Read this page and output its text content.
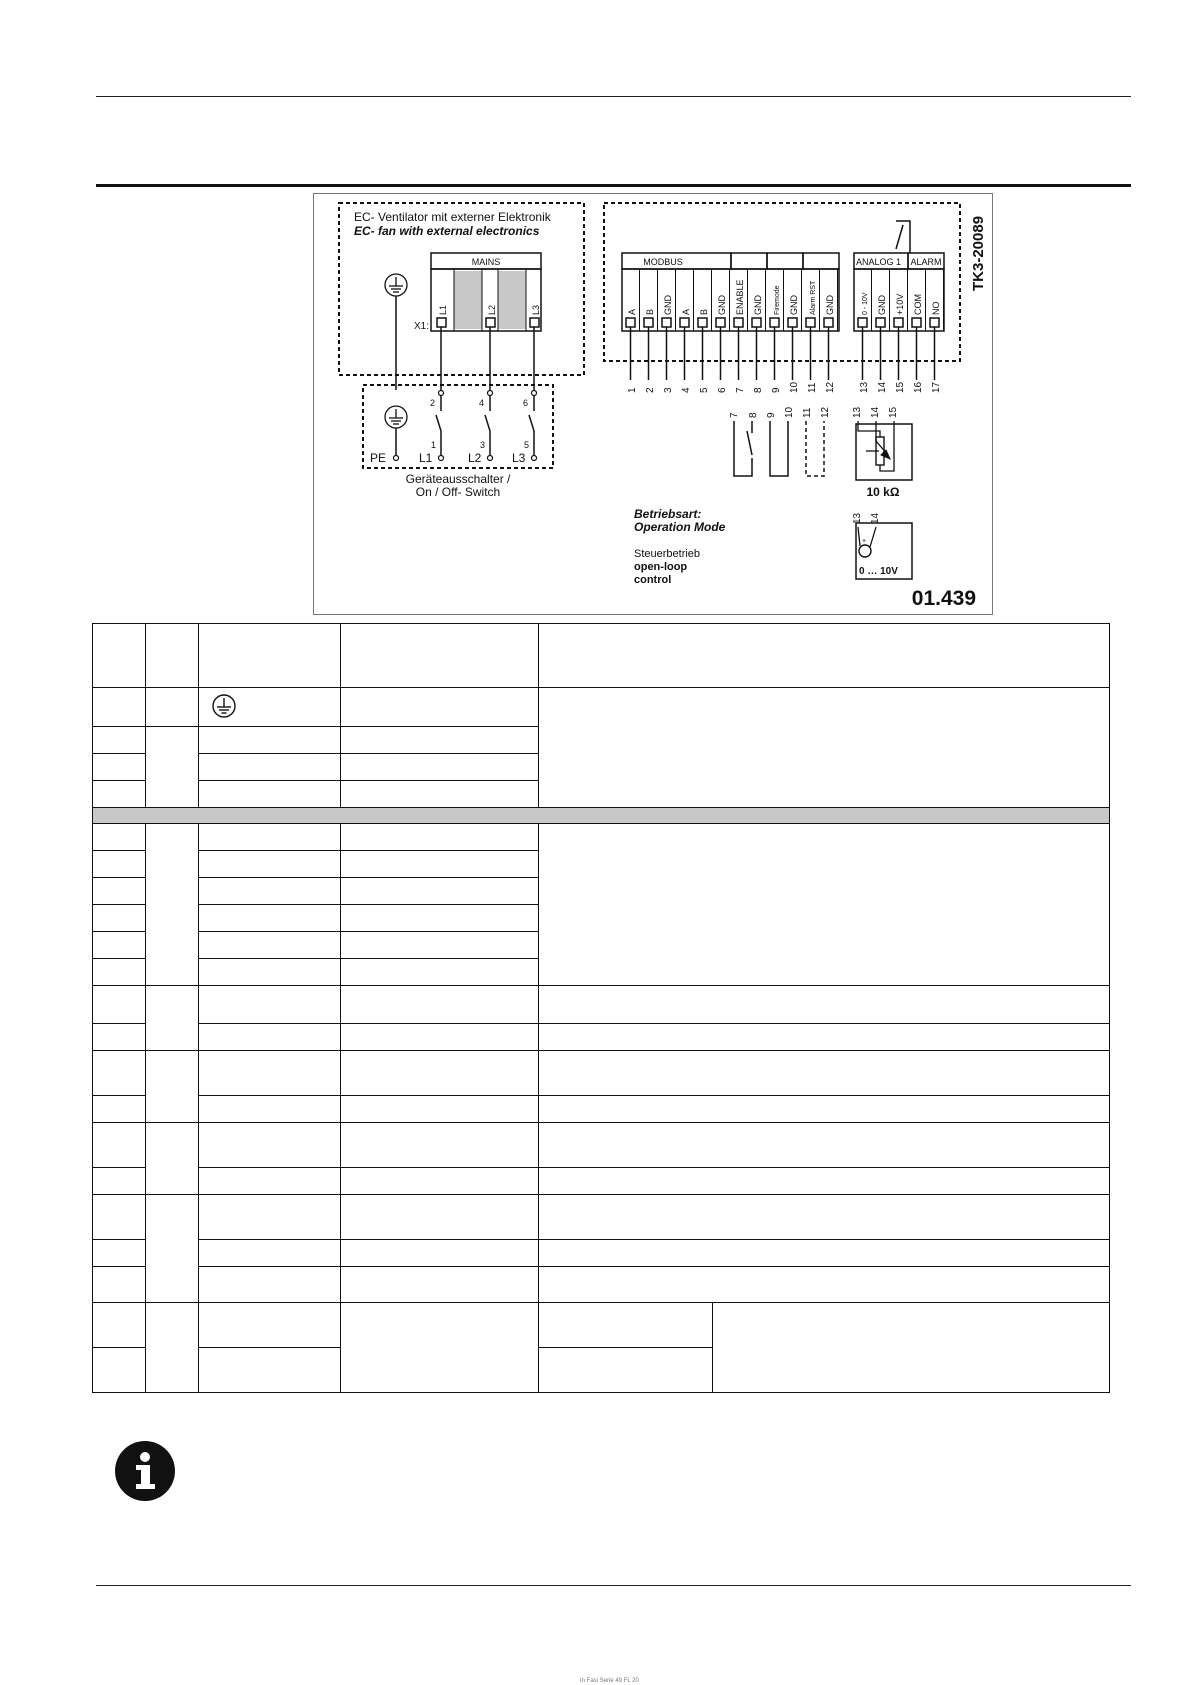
EC- Ventilator mit externer Elektronik
EC- fan with external electronics
MAINS
X1:
L1	L2	L3
PE
2
1
L1
4
3
L2
6
5
L3
Geräteausschalter /
On / Off- Switch
MODBUS	ANALOG 1 ALARM
A
1
B
2
GND
3
A
4
B
5
GND
6
ENABLE
7
GND
8
Firemode
9
GND
10
Alarm RST
11
GND
12
0 - 10V
13
GND
14
+10V
15
COM
16
NO
17
7 8 9 10 11 12 13 14 15
10 kΩ
13 14
+
0 … 10V
Betriebsart:
Operation Mode
Steuerbetrieb
open-loop
control
TK3-20089
01.439

In Fasi Serie 49 FL 20
